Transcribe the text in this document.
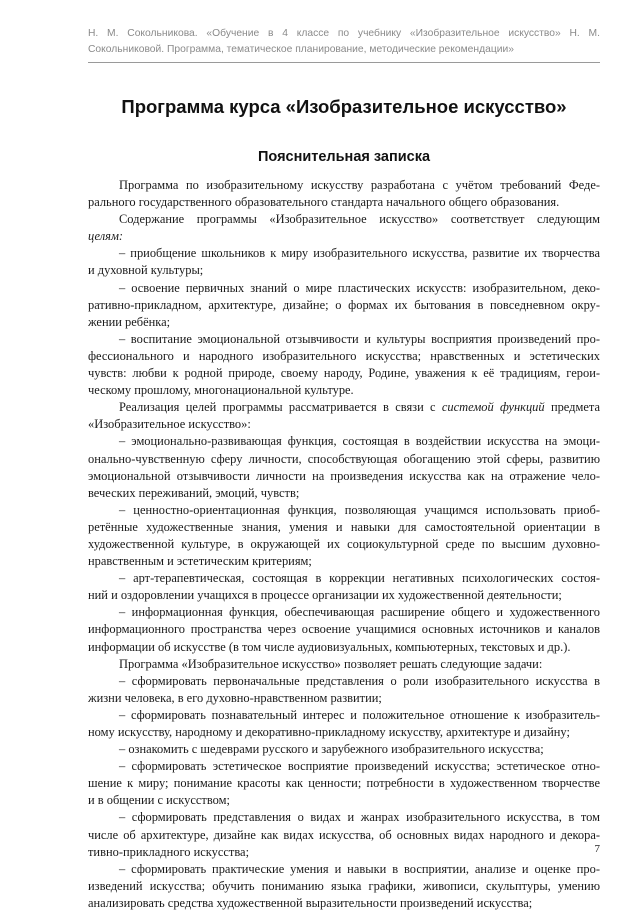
Н. М. Сокольникова. «Обучение в 4 классе по учебнику «Изобразительное искусство» Н. М. Сокольниковой. Программа, тематическое планирование, методические рекомендации»
Программа курса «Изобразительное искусство»
Пояснительная записка
Программа по изобразительному искусству разработана с учётом требований Феде-
рального государственного образовательного стандарта начального общего образования.
Содержание программы «Изобразительное искусство» соответствует следующим
целям:
– приобщение школьников к миру изобразительного искусства, развитие их творчества
и духовной культуры;
– освоение первичных знаний о мире пластических искусств: изобразительном, деко-
ративно-прикладном, архитектуре, дизайне; о формах их бытования в повседневном окру-
жении ребёнка;
– воспитание эмоциональной отзывчивости и культуры восприятия произведений про-
фессионального и народного изобразительного искусства; нравственных и эстетических
чувств: любви к родной природе, своему народу, Родине, уважения к её традициям, герои-
ческому прошлому, многонациональной культуре.
Реализация целей программы рассматривается в связи с системой функций предмета
«Изобразительное искусство»:
– эмоционально-развивающая функция, состоящая в воздействии искусства на эмоци-
онально-чувственную сферу личности, способствующая обогащению этой сферы, развитию
эмоциональной отзывчивости личности на произведения искусства как на отражение чело-
веческих переживаний, эмоций, чувств;
– ценностно-ориентационная функция, позволяющая учащимся использовать приоб-
ретённые художественные знания, умения и навыки для самостоятельной ориентации в
художественной культуре, в окружающей их социокультурной среде по высшим духовно-
нравственным и эстетическим критериям;
– арт-терапевтическая, состоящая в коррекции негативных психологических состоя-
ний и оздоровлении учащихся в процессе организации их художественной деятельности;
– информационная функция, обеспечивающая расширение общего и художественного
информационного пространства через освоение учащимися основных источников и каналов
информации об искусстве (в том числе аудиовизуальных, компьютерных, текстовых и др.).
Программа «Изобразительное искусство» позволяет решать следующие задачи:
– сформировать первоначальные представления о роли изобразительного искусства в
жизни человека, в его духовно-нравственном развитии;
– сформировать познавательный интерес и положительное отношение к изобразитель-
ному искусству, народному и декоративно-прикладному искусству, архитектуре и дизайну;
– ознакомить с шедеврами русского и зарубежного изобразительного искусства;
– сформировать эстетическое восприятие произведений искусства; эстетическое отно-
шение к миру; понимание красоты как ценности; потребности в художественном творчестве
и в общении с искусством;
– сформировать представления о видах и жанрах изобразительного искусства, в том
числе об архитектуре, дизайне как видах искусства, об основных видах народного и декора-
тивно-прикладного искусства;
– сформировать практические умения и навыки в восприятии, анализе и оценке про-
изведений искусства; обучить пониманию языка графики, живописи, скульптуры, умению
анализировать средства художественной выразительности произведений искусства;
7
